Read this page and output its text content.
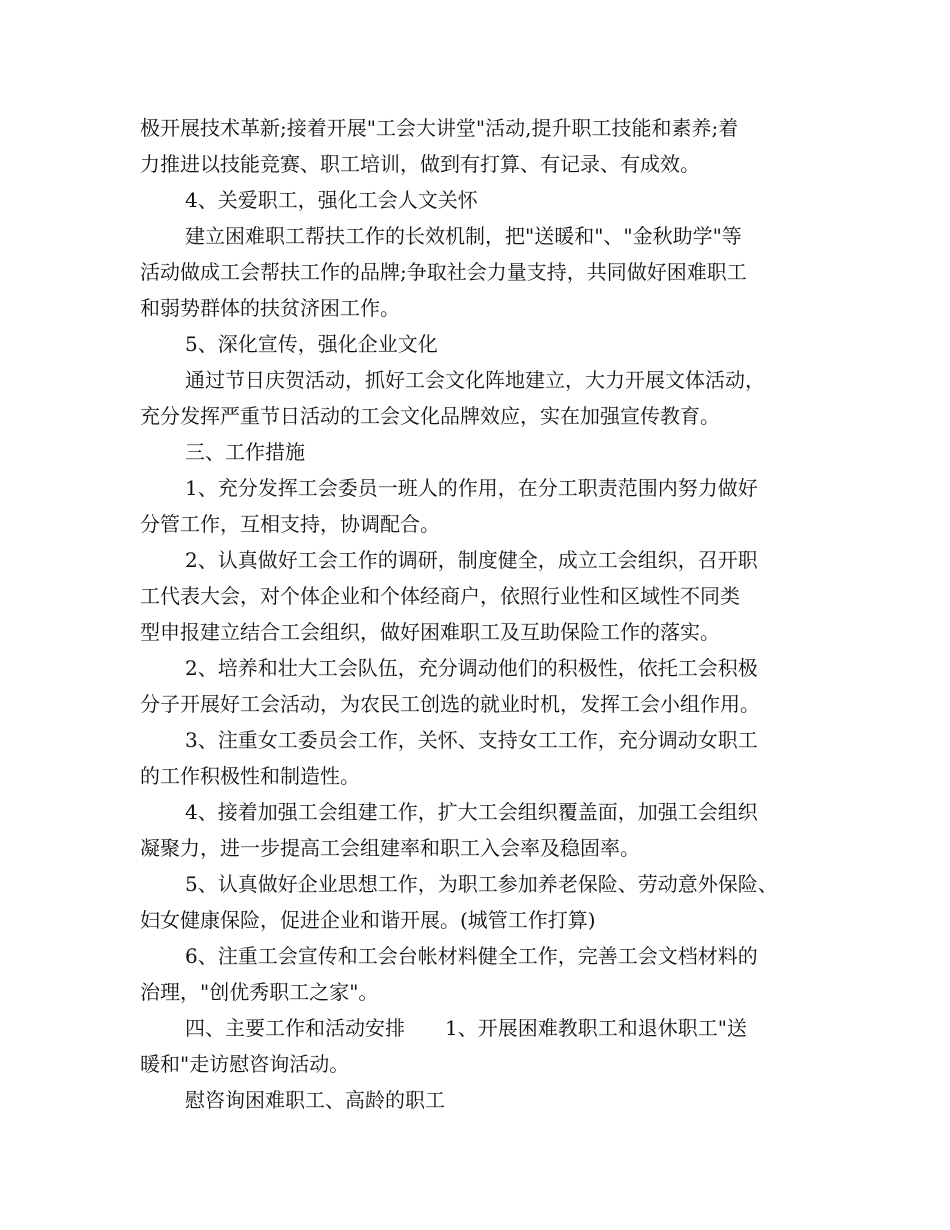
极开展技术革新;接着开展"工会大讲堂"活动,提升职工技能和素养;着
力推进以技能竞赛、职工培训，做到有打算、有记录、有成效。
4、关爱职工，强化工会人文关怀
建立困难职工帮扶工作的长效机制，把"送暖和"、"金秋助学"等
活动做成工会帮扶工作的品牌;争取社会力量支持，共同做好困难职工
和弱势群体的扶贫济困工作。
5、深化宣传，强化企业文化
通过节日庆贺活动，抓好工会文化阵地建立，大力开展文体活动，
充分发挥严重节日活动的工会文化品牌效应，实在加强宣传教育。
三、工作措施
1、充分发挥工会委员一班人的作用，在分工职责范围内努力做好
分管工作，互相支持，协调配合。
2、认真做好工会工作的调研，制度健全，成立工会组织，召开职
工代表大会，对个体企业和个体经商户，依照行业性和区域性不同类
型申报建立结合工会组织，做好困难职工及互助保险工作的落实。
2、培养和壮大工会队伍，充分调动他们的积极性，依托工会积极
分子开展好工会活动，为农民工创选的就业时机，发挥工会小组作用。
3、注重女工委员会工作，关怀、支持女工工作，充分调动女职工
的工作积极性和制造性。
4、接着加强工会组建工作，扩大工会组织覆盖面，加强工会组织
凝聚力，进一步提高工会组建率和职工入会率及稳固率。
5、认真做好企业思想工作，为职工参加养老保险、劳动意外保险、
妇女健康保险，促进企业和谐开展。(城管工作打算)
6、注重工会宣传和工会台帐材料健全工作，完善工会文档材料的
治理，"创优秀职工之家"。
四、主要工作和活动安排　　1、开展困难教职工和退休职工"送
暖和"走访慰咨询活动。
慰咨询困难职工、高龄的职工
